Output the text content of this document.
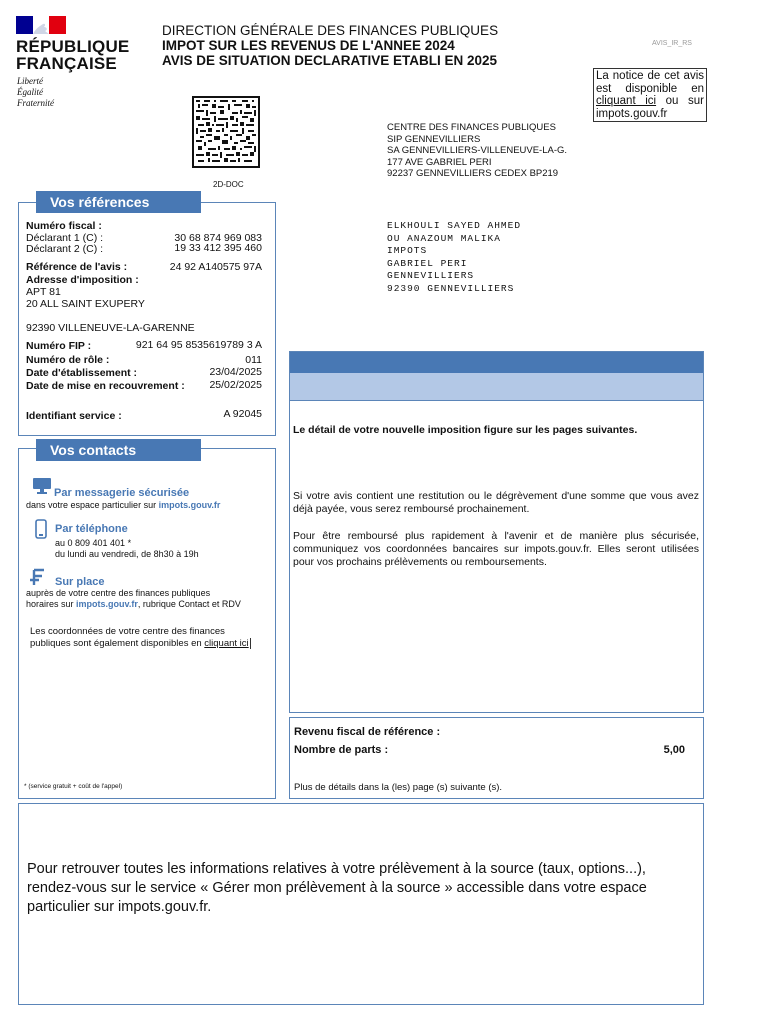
RÉPUBLIQUE
FRANÇAISE
Liberté
Égalité
Fraternité
DIRECTION GÉNÉRALE DES FINANCES PUBLIQUES
IMPOT SUR LES REVENUS DE L'ANNEE 2024
AVIS DE SITUATION DECLARATIVE ETABLI EN 2025
AVIS_IR_RS
La notice de cet avis est disponible en cliquant ici ou sur impots.gouv.fr
2D-DOC
CENTRE DES FINANCES PUBLIQUES
SIP GENNEVILLIERS
SA GENNEVILLIERS-VILLENEUVE-LA-G.
177 AVE GABRIEL PERI
92237 GENNEVILLIERS CEDEX BP219
ELKHOULI SAYED AHMED
OU ANAZOUM MALIKA
IMPOTS
GABRIEL PERI
GENNEVILLIERS
92390 GENNEVILLIERS
Vos références
Numéro fiscal :
Déclarant 1 (C) :	30 68 874 969 083
Déclarant 2 (C) :	19 33 412 395 460
Référence de l'avis :	24 92 A140575 97A
Adresse d'imposition :
APT 81
20 ALL SAINT EXUPERY
92390 VILLENEUVE-LA-GARENNE
Numéro FIP :	921 64 95 8535619789 3 A
Numéro de rôle :	011
Date d'établissement :	23/04/2025
Date de mise en recouvrement :	25/02/2025
Identifiant service :	A 92045
Vos contacts
Par messagerie sécurisée
dans votre espace particulier sur impots.gouv.fr
Par téléphone
au 0 809 401 401 *
du lundi au vendredi, de 8h30 à 19h
Sur place
auprès de votre centre des finances publiques
horaires sur impots.gouv.fr, rubrique Contact et RDV
Les coordonnées de votre centre des finances
publiques sont également disponibles en cliquant ici
* (service gratuit + coût de l'appel)
Le détail de votre nouvelle imposition figure sur les pages suivantes.
Si votre avis contient une restitution ou le dégrèvement d'une somme que vous avez déjà payée, vous serez remboursé prochainement.
Pour être remboursé plus rapidement à l'avenir et de manière plus sécurisée, communiquez vos coordonnées bancaires sur impots.gouv.fr. Elles seront utilisées pour vos prochains prélèvements ou remboursements.
Revenu fiscal de référence :
Nombre de parts :	5,00
Plus de détails dans la (les) page (s) suivante (s).
Pour retrouver toutes les informations relatives à votre prélèvement à la source (taux, options...), rendez-vous sur le service « Gérer mon prélèvement à la source » accessible dans votre espace particulier sur impots.gouv.fr.
